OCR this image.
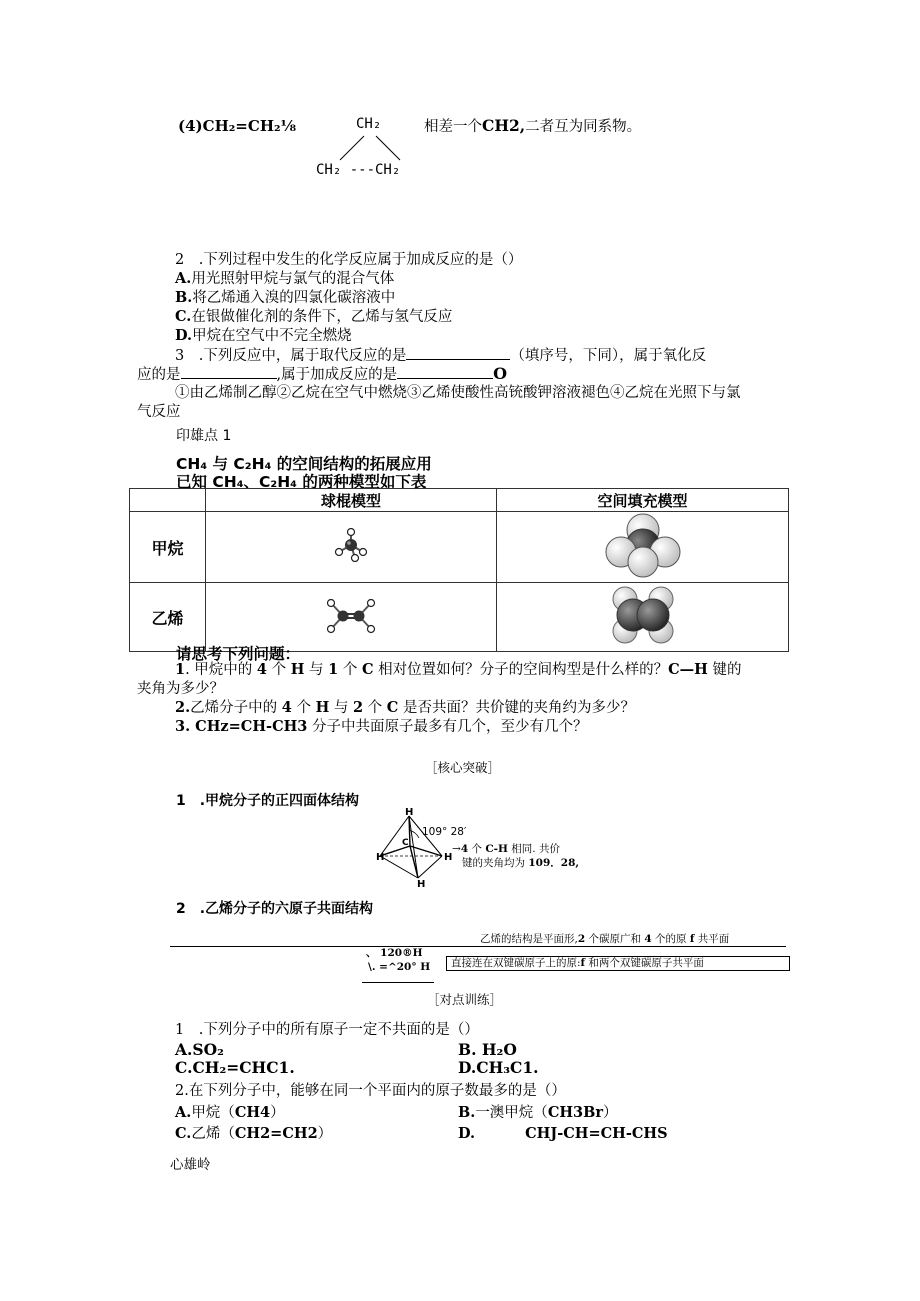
(4)CH₂=CH₂⅛	CH₂
CH₂ ---CH₂
相差一个CH2,二者互为同系物。
2　.下列过程中发生的化学反应属于加成反应的是（）
A.用光照射甲烷与氯气的混合气体
B.将乙烯通入溴的四氯化碳溶液中
C.在银做催化剂的条件下，乙烯与氢气反应
D.甲烷在空气中不完全燃烧
3　.下列反应中，属于取代反应的是	（填序号，下同），属于氧化反
应的是	,属于加成反应的是	O
①由乙烯制乙醇②乙烷在空气中燃烧③乙烯使酸性高铳酸钾溶液褪色④乙烷在光照下与氯
气反应
印雄点 1
CH₄ 与 C₂H₄ 的空间结构的拓展应用
已知 CH₄、C₂H₄ 的两种模型如下表
	球棍模型	空间填充模型
甲烷		
乙烯		
请思考下列问题：
1. 甲烷中的 4 个 H 与 1 个 C 相对位置如何？分子的空间构型是什么样的？C—H 键的
夹角为多少？
2.乙烯分子中的 4 个 H 与 2 个 C 是否共面？共价键的夹角约为多少？
3. CHz=CH-CH3 分子中共面原子最多有几个，至少有几个？
［核心突破］
1　.甲烷分子的正四面体结构
H
H	H
H
C
109° 28′
→4 个 C-H 相同. 共价
键的夹角均为 109．28,
2　.乙烯分子的六原子共面结构
乙烯的结构是平面形,2 个碳原广和 4 个的原 f 共平面
、 120®H
\. =^20° H	直接连在双键碳原子上的原:f 和两个双键碳原子共平面
［对点训练］
1　.下列分子中的所有原子一定不共面的是（）
A.SO₂	B. H₂O
C.CH₂=CHC1.	D.CH₃C1.
2.在下列分子中，能够在同一个平面内的原子数最多的是（）
A.甲烷（CH4）	B.一澳甲烷（CH3Br）
C.乙烯（CH2=CH2）	D.	CHJ-CH=CH-CHS
心雄岭
